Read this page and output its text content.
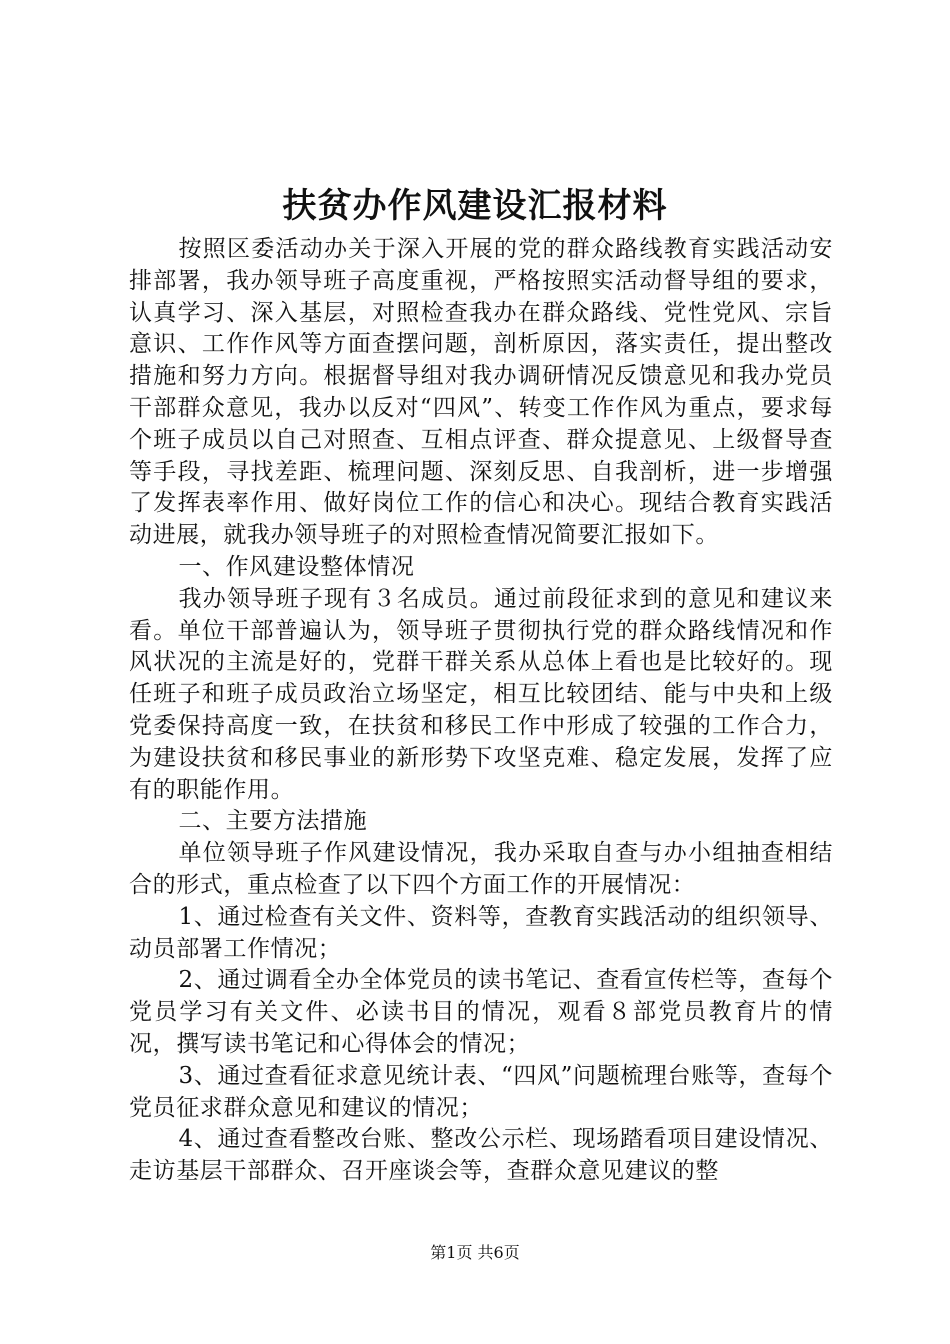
扶贫办作风建设汇报材料

按照区委活动办关于深入开展的党的群众路线教育实践活动安排部署，我办领导班子高度重视，严格按照实活动督导组的要求，认真学习、深入基层，对照检查我办在群众路线、党性党风、宗旨意识、工作作风等方面查摆问题，剖析原因，落实责任，提出整改措施和努力方向。根据督导组对我办调研情况反馈意见和我办党员干部群众意见，我办以反对“四风”、转变工作作风为重点，要求每个班子成员以自己对照查、互相点评查、群众提意见、上级督导查等手段，寻找差距、梳理问题、深刻反思、自我剖析，进一步增强了发挥表率作用、做好岗位工作的信心和决心。现结合教育实践活动进展，就我办领导班子的对照检查情况简要汇报如下。

一、作风建设整体情况

我办领导班子现有３名成员。通过前段征求到的意见和建议来看。单位干部普遍认为，领导班子贯彻执行党的群众路线情况和作风状况的主流是好的，党群干群关系从总体上看也是比较好的。现任班子和班子成员政治立场坚定，相互比较团结、能与中央和上级党委保持高度一致，在扶贫和移民工作中形成了较强的工作合力，为建设扶贫和移民事业的新形势下攻坚克难、稳定发展，发挥了应有的职能作用。

二、主要方法措施

单位领导班子作风建设情况，我办采取自查与办小组抽查相结合的形式，重点检查了以下四个方面工作的开展情况：

1、通过检查有关文件、资料等，查教育实践活动的组织领导、动员部署工作情况；

2、通过调看全办全体党员的读书笔记、查看宣传栏等，查每个党员学习有关文件、必读书目的情况，观看８部党员教育片的情况，撰写读书笔记和心得体会的情况；

3、通过查看征求意见统计表、“四风”问题梳理台账等，查每个党员征求群众意见和建议的情况；

4、通过查看整改台账、整改公示栏、现场踏看项目建设情况、走访基层干部群众、召开座谈会等，查群众意见建议的整

第1页 共6页
